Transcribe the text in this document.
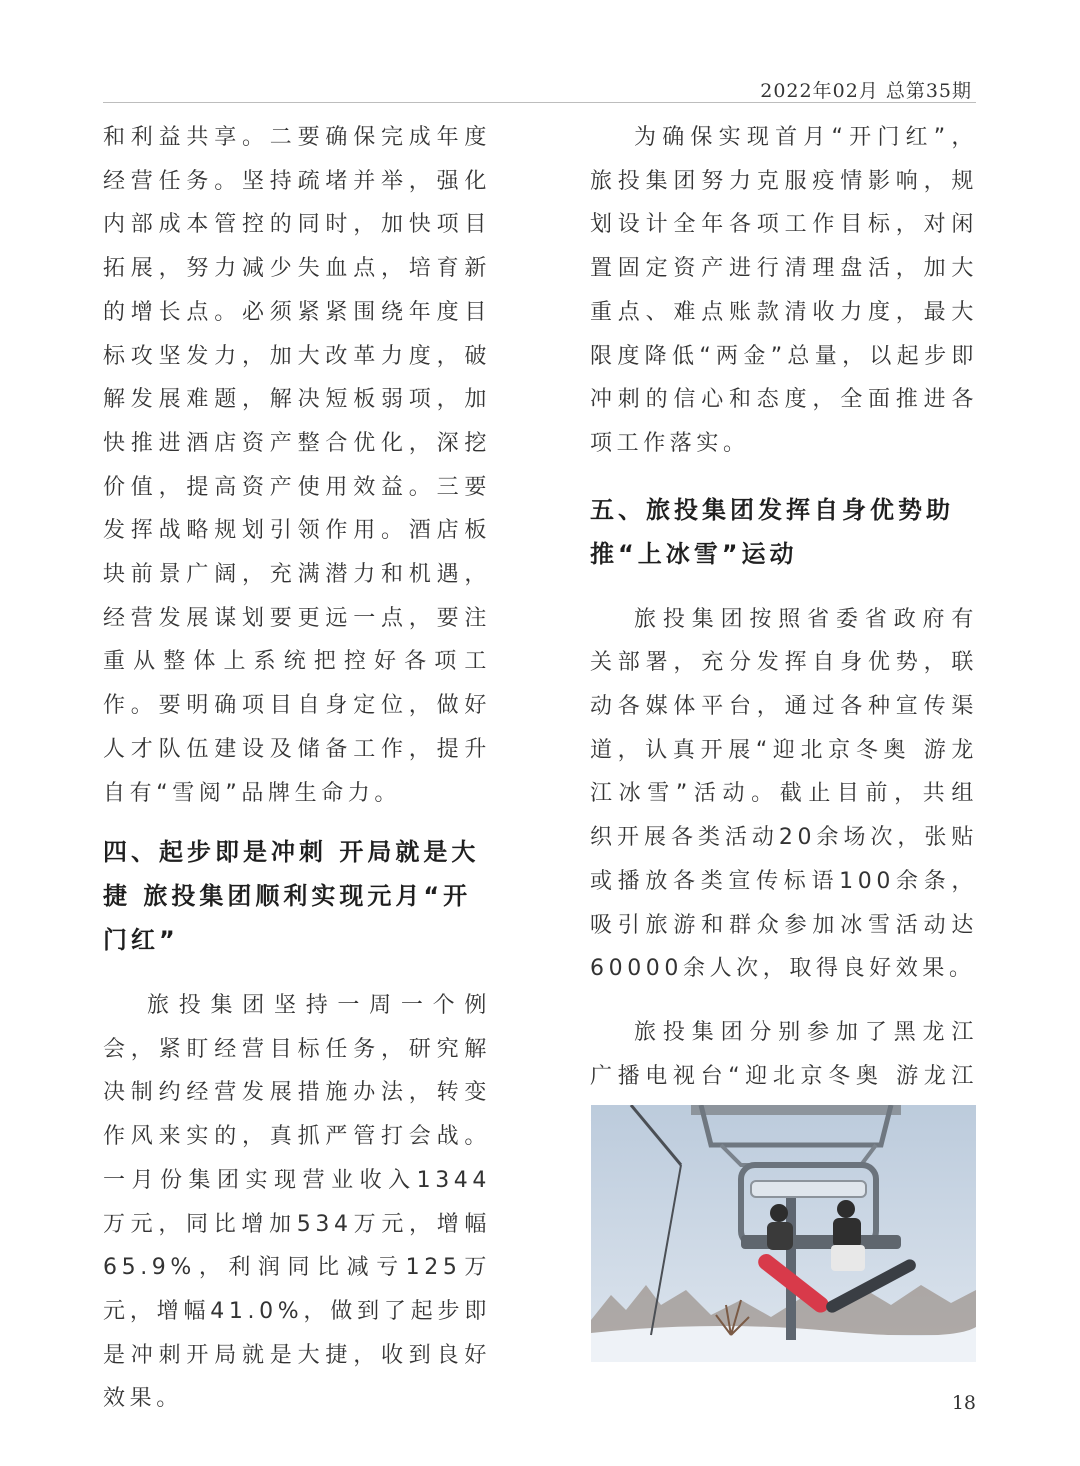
2022年02月 总第35期

和利益共享。二要确保完成年度经营任务。坚持疏堵并举，强化内部成本管控的同时，加快项目拓展，努力减少失血点，培育新的增长点。必须紧紧围绕年度目标攻坚发力，加大改革力度，破解发展难题，解决短板弱项，加快推进酒店资产整合优化，深挖价值，提高资产使用效益。三要发挥战略规划引领作用。酒店板块前景广阔，充满潜力和机遇，经营发展谋划要更远一点，要注重从整体上系统把控好各项工作。要明确项目自身定位，做好人才队伍建设及储备工作，提升自有“雪阅”品牌生命力。

四、起步即是冲刺 开局就是大捷 旅投集团顺利实现元月“开门红”

旅投集团坚持一周一个例会，紧盯经营目标任务，研究解决制约经营发展措施办法，转变作风来实的，真抓严管打会战。一月份集团实现营业收入1344万元，同比增加534万元，增幅65.9%，利润同比减亏125万元，增幅41.0%，做到了起步即是冲刺开局就是大捷，收到良好效果。

为确保实现首月“开门红”，旅投集团努力克服疫情影响，规划设计全年各项工作目标，对闲置固定资产进行清理盘活，加大重点、难点账款清收力度，最大限度降低“两金”总量，以起步即冲刺的信心和态度，全面推进各项工作落实。

五、旅投集团发挥自身优势助推“上冰雪”运动

旅投集团按照省委省政府有关部署，充分发挥自身优势，联动各媒体平台，通过各种宣传渠道，认真开展“迎北京冬奥 游龙江冰雪”活动。截止目前，共组织开展各类活动20余场次，张贴或播放各类宣传标语100余条，吸引旅游和群众参加冰雪活动达60000余人次，取得良好效果。

旅投集团分别参加了黑龙江广播电视台“迎北京冬奥 游龙江

18
